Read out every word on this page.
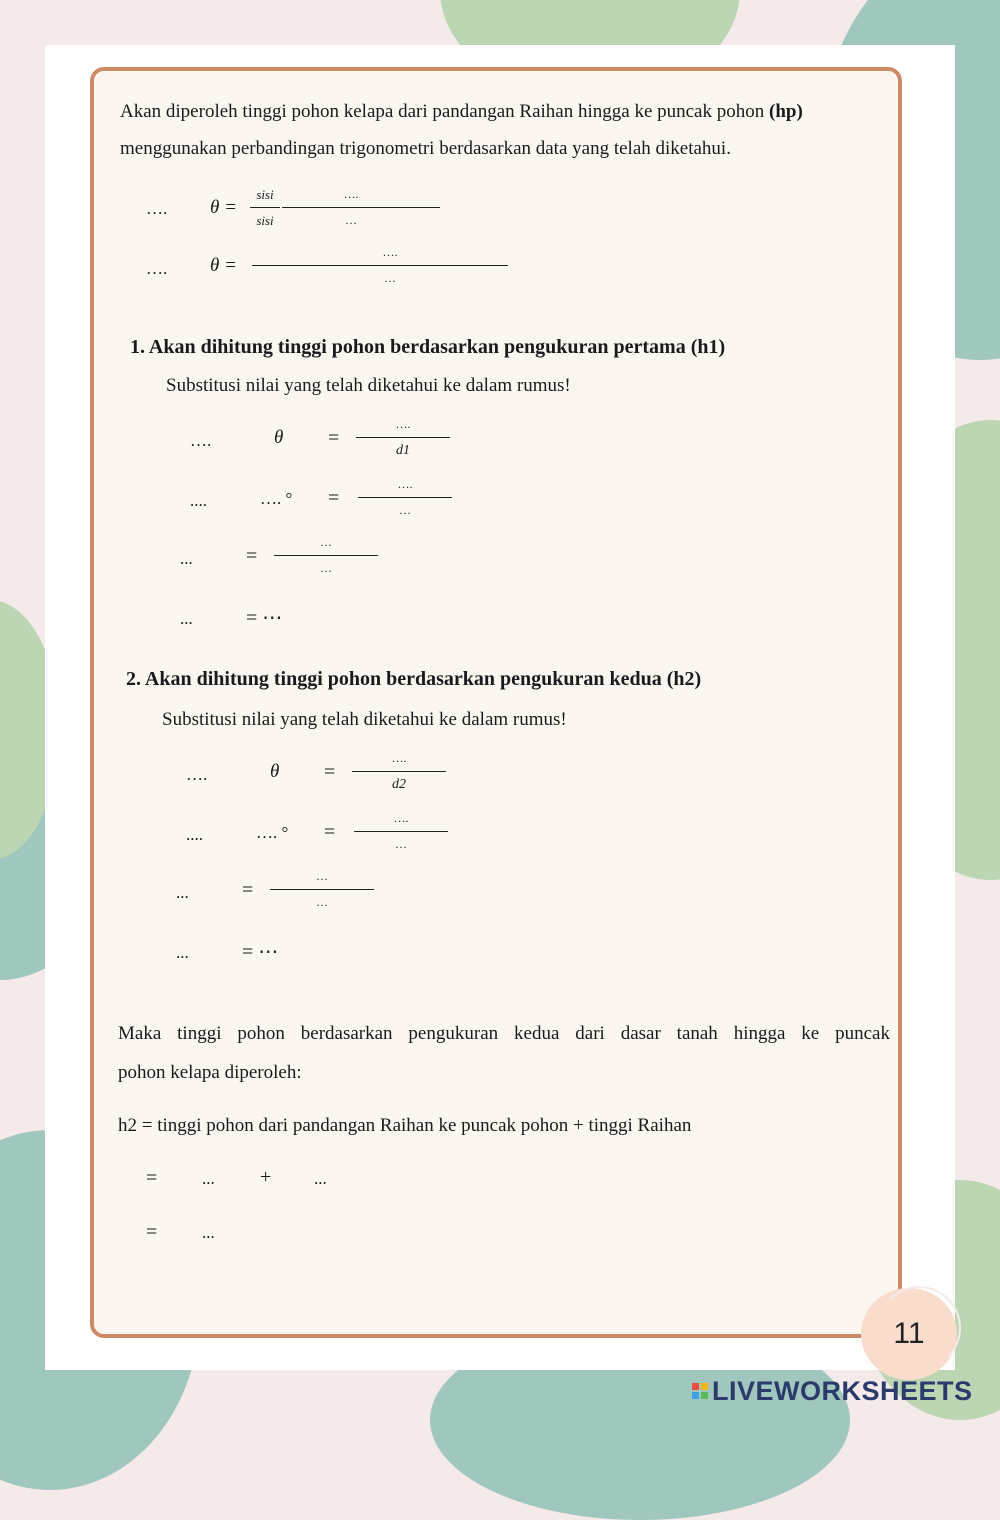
Akan diperoleh tinggi pohon kelapa dari pandangan Raihan hingga ke puncak pohon (hp)
menggunakan perbandingan trigonometri berdasarkan data yang telah diketahui.
…. θ =
sisi
sisi
….
…
…. θ =
….
…
1. Akan dihitung tinggi pohon berdasarkan pengukuran pertama (h1)
Substitusi nilai yang telah diketahui ke dalam rumus!
….	θ =
….
d1
....	…. ° =
….
…
...	=
…
…
...	= ⋯
2. Akan dihitung tinggi pohon berdasarkan pengukuran kedua (h2)
Substitusi nilai yang telah diketahui ke dalam rumus!
….	θ =
….
d2
....	…. ° =
….
…
...	=
…
…
...	= ⋯
Maka tinggi pohon berdasarkan pengukuran kedua dari dasar tanah hingga ke puncak
pohon kelapa diperoleh:
h2 = tinggi pohon dari pandangan Raihan ke puncak pohon + tinggi Raihan
=	... +	...
=	...
11
LIVEWORKSHEETS
